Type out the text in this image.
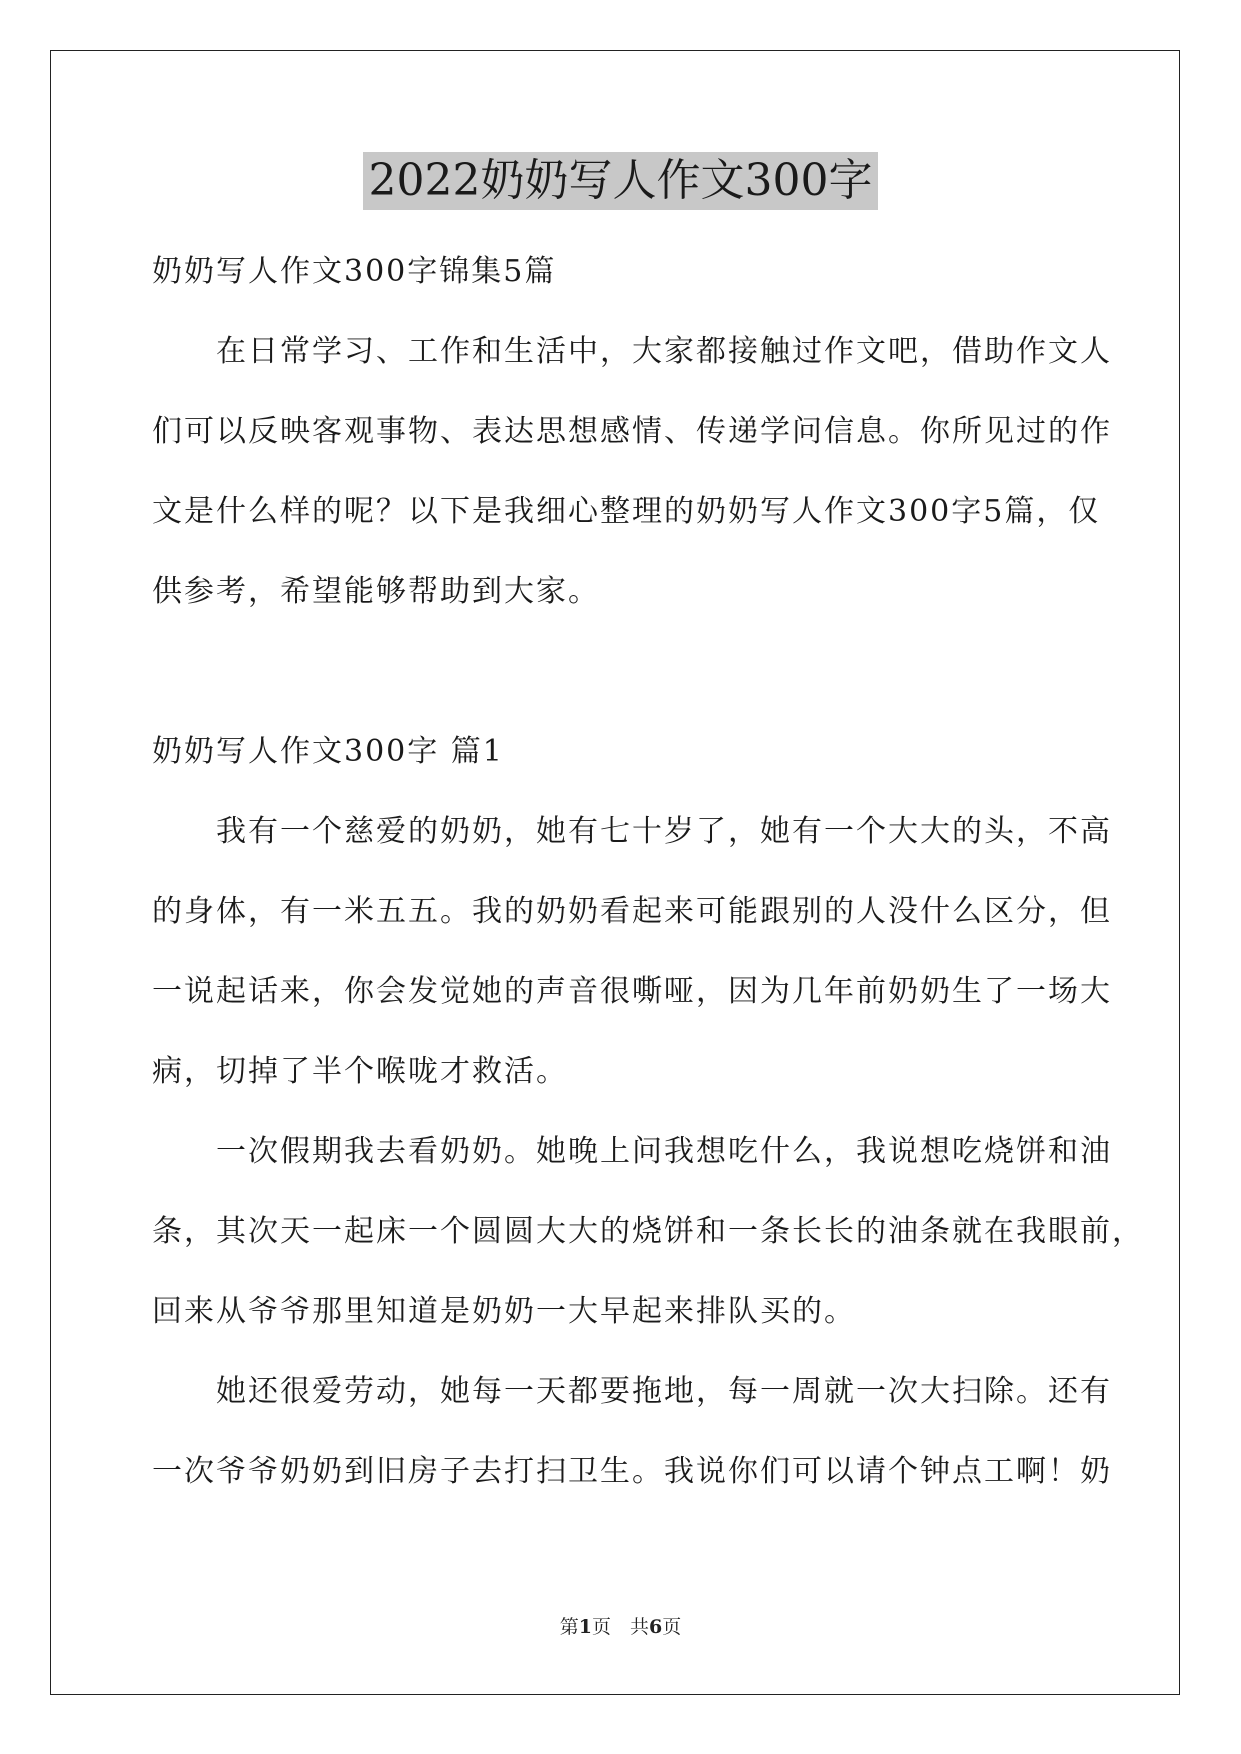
2022奶奶写人作文300字
奶奶写人作文300字锦集5篇
在日常学习、工作和生活中，大家都接触过作文吧，借助作文人
们可以反映客观事物、表达思想感情、传递学问信息。你所见过的作
文是什么样的呢？以下是我细心整理的奶奶写人作文300字5篇，仅
供参考，希望能够帮助到大家。
奶奶写人作文300字 篇1
我有一个慈爱的奶奶，她有七十岁了，她有一个大大的头，不高
的身体，有一米五五。我的奶奶看起来可能跟别的人没什么区分，但
一说起话来，你会发觉她的声音很嘶哑，因为几年前奶奶生了一场大
病，切掉了半个喉咙才救活。
一次假期我去看奶奶。她晚上问我想吃什么，我说想吃烧饼和油
条，其次天一起床一个圆圆大大的烧饼和一条长长的油条就在我眼前，
回来从爷爷那里知道是奶奶一大早起来排队买的。
她还很爱劳动，她每一天都要拖地，每一周就一次大扫除。还有
一次爷爷奶奶到旧房子去打扫卫生。我说你们可以请个钟点工啊！奶
第1页　共6页
